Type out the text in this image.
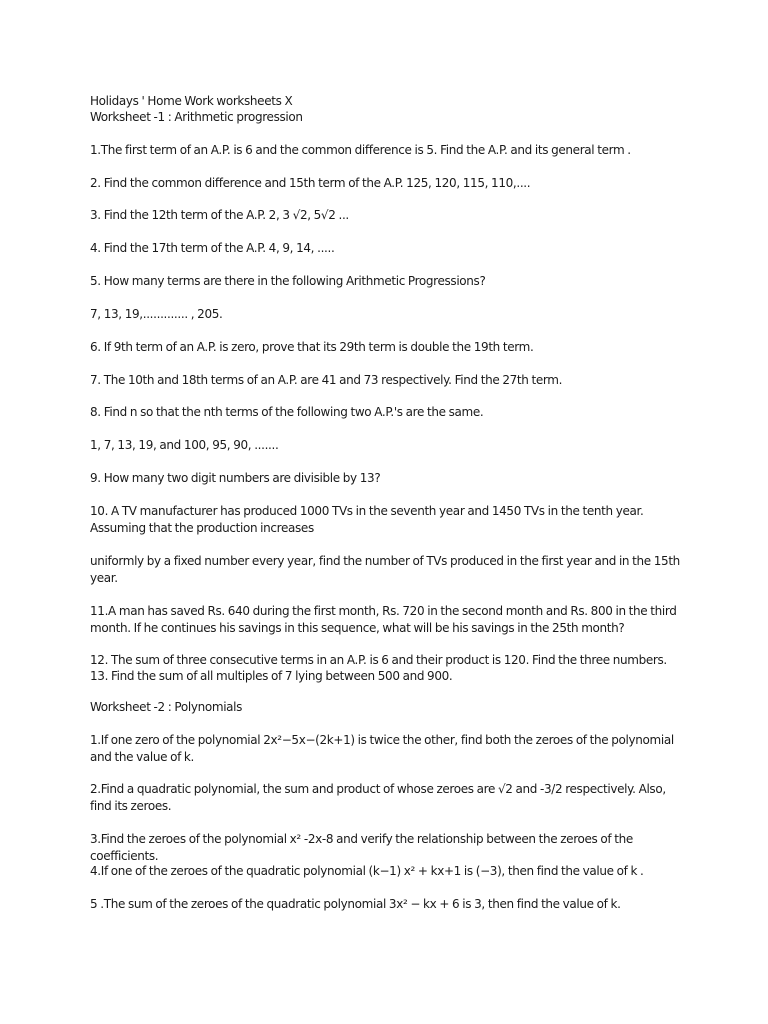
Holidays ' Home Work worksheets X
Worksheet -1 : Arithmetic progression
1.The first term of an A.P. is 6 and the common difference is 5. Find the A.P. and its general term .
2. Find the common difference and 15th term of the A.P. 125, 120, 115, 110,....
3. Find the 12th term of the A.P. 2, 3 √2, 5√2 ...
4. Find the 17th term of the A.P. 4, 9, 14, .....
5. How many terms are there in the following Arithmetic Progressions?
7, 13, 19,............. , 205.
6. If 9th term of an A.P. is zero, prove that its 29th term is double the 19th term.
7. The 10th and 18th terms of an A.P. are 41 and 73 respectively. Find the 27th term.
8. Find n so that the nth terms of the following two A.P.'s are the same.
1, 7, 13, 19, and 100, 95, 90, .......
9. How many two digit numbers are divisible by 13?
10. A TV manufacturer has produced 1000 TVs in the seventh year and 1450 TVs in the tenth year. Assuming that the production increases
uniformly by a fixed number every year, find the number of TVs produced in the first year and in the 15th year.
11.A man has saved Rs. 640 during the first month, Rs. 720 in the second month and Rs. 800 in the third month. If he continues his savings in this sequence, what will be his savings in the 25th month?
12. The sum of three consecutive terms in an A.P. is 6 and their product is 120. Find the three numbers.
13. Find the sum of all multiples of 7 lying between 500 and 900.
Worksheet -2 : Polynomials
1.If one zero of the polynomial 2x²−5x−(2k+1) is twice the other, find both the zeroes of the polynomial and the value of k.
2.Find a quadratic polynomial, the sum and product of whose zeroes are √2 and -3/2 respectively. Also, find its zeroes.
3.Find the zeroes of the polynomial x² -2x-8 and verify the relationship between the zeroes of the coefficients.
4.If one of the zeroes of the quadratic polynomial (k−1) x² + kx+1 is (−3), then find the value of k .
5 .The sum of the zeroes of the quadratic polynomial 3x² − kx + 6 is 3, then find the value of k.
